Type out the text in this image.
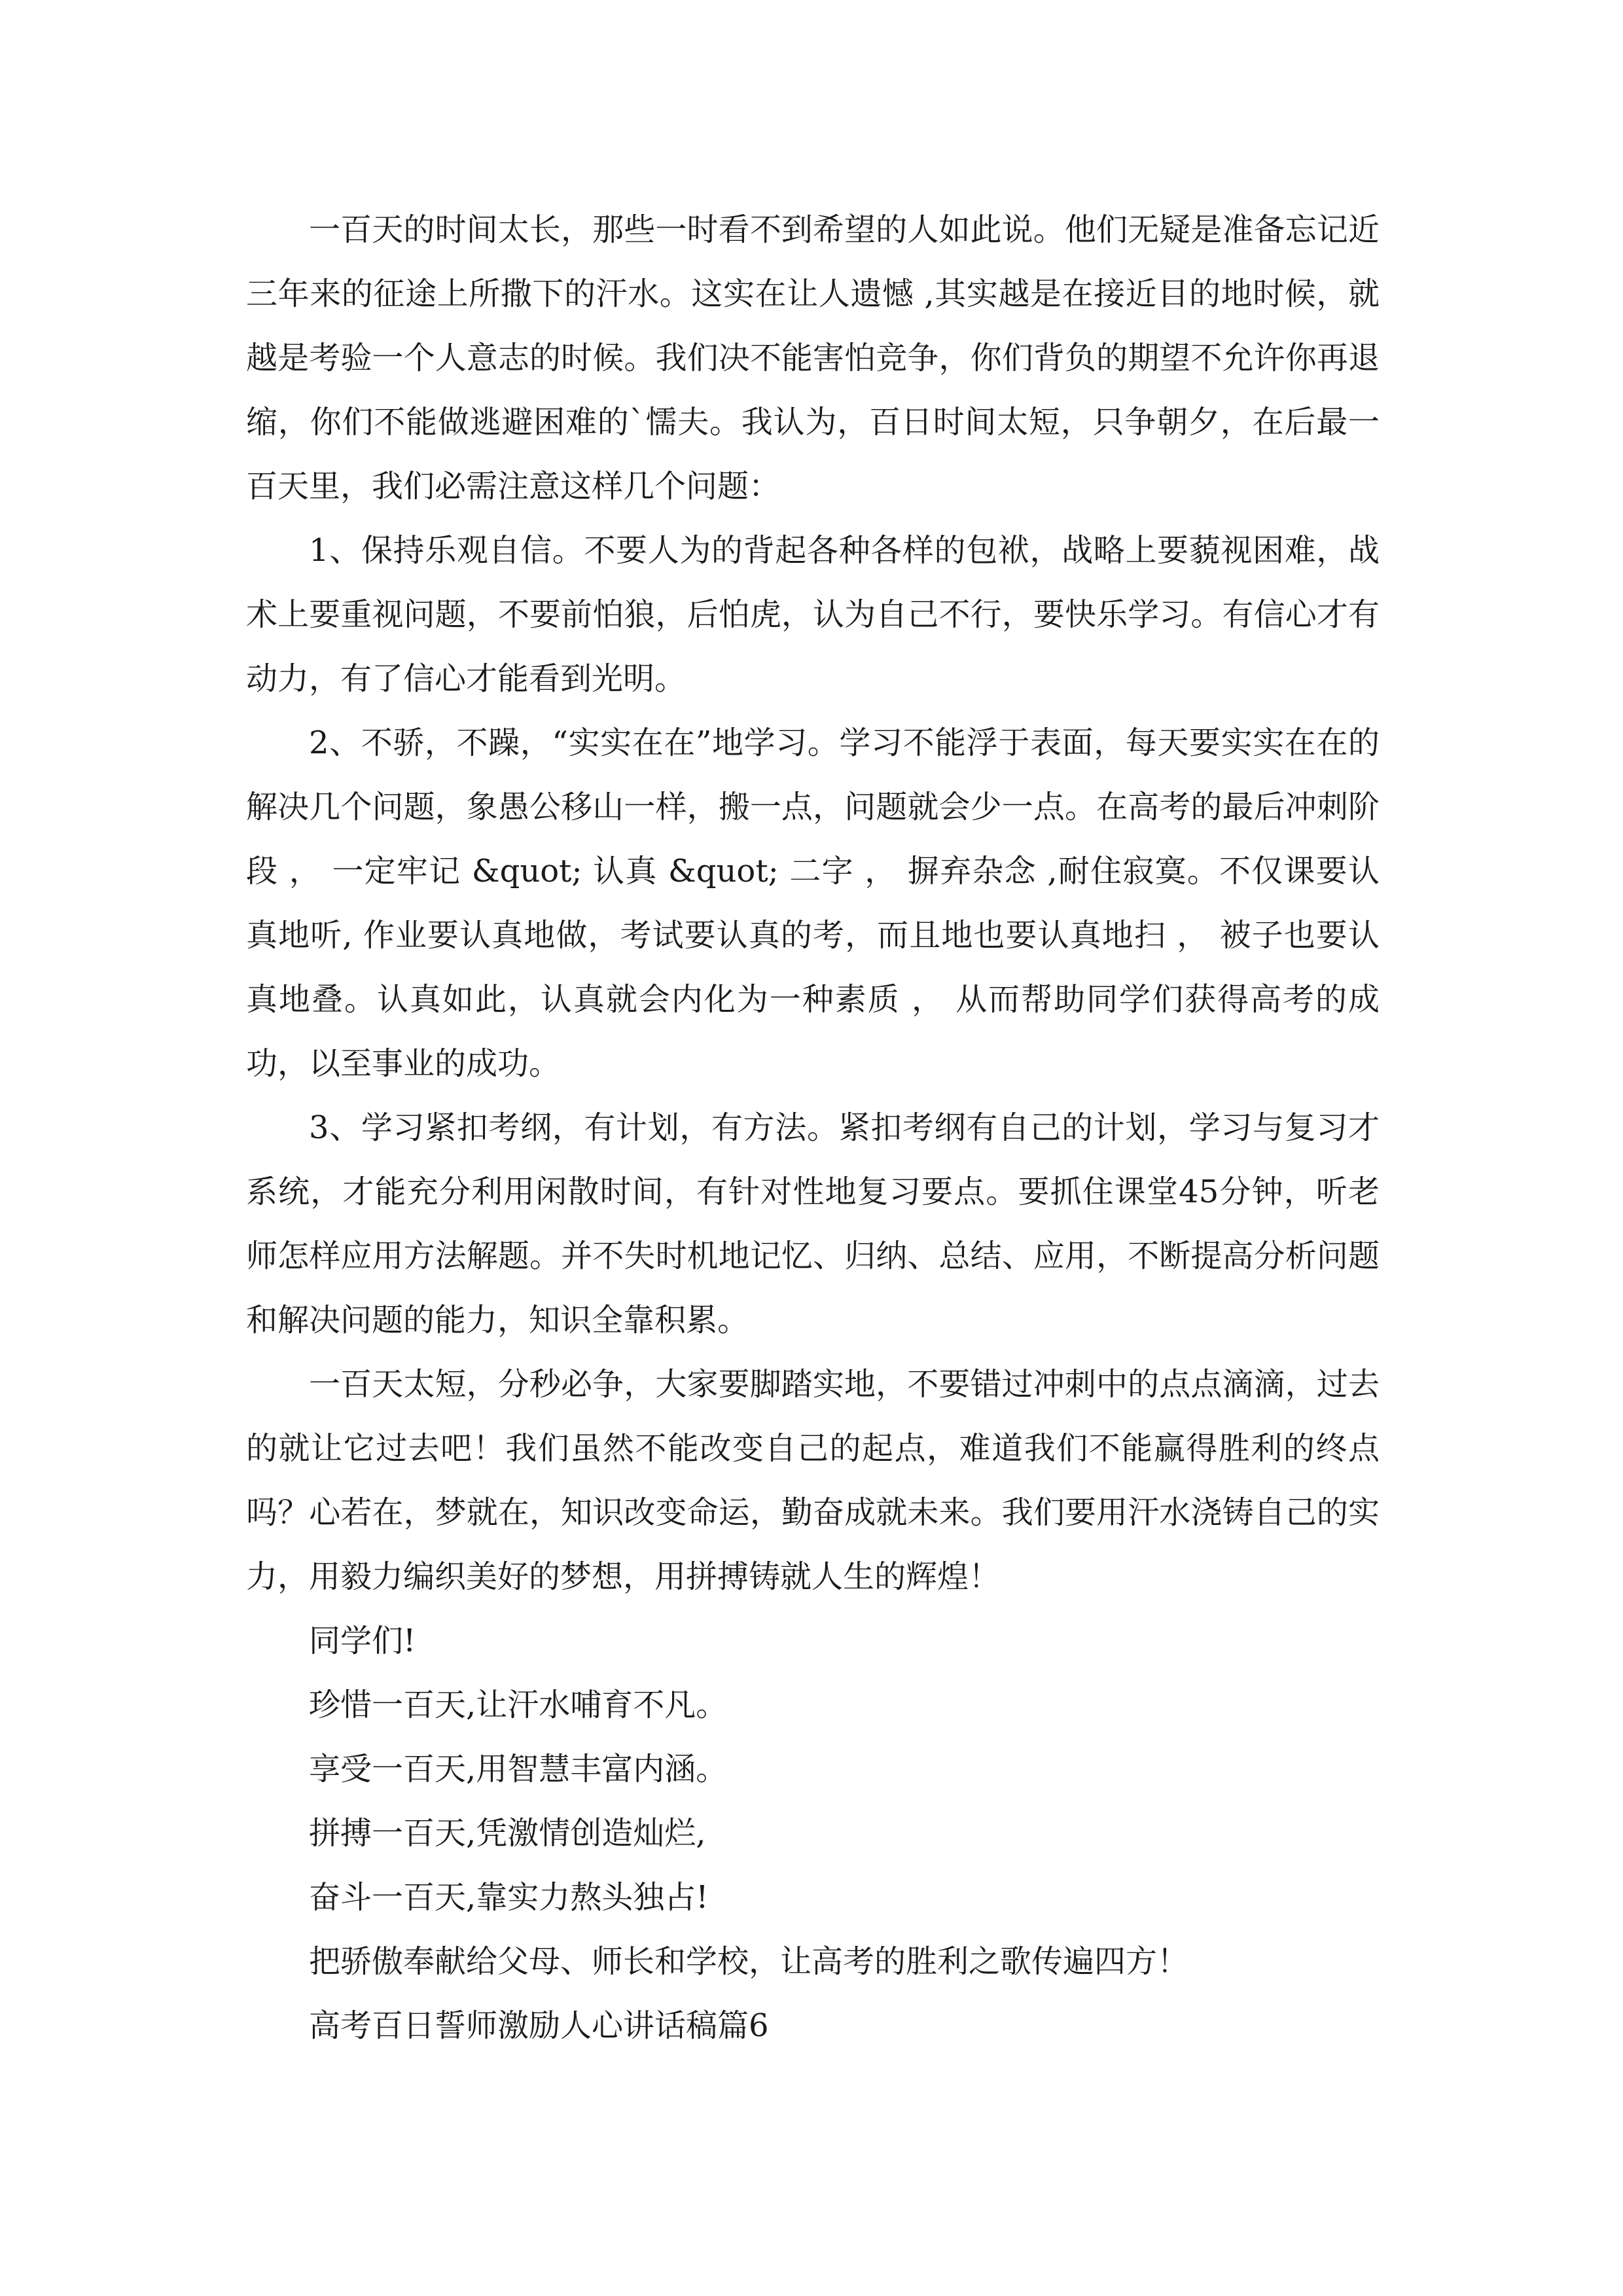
一百天的时间太长，那些一时看不到希望的人如此说。他们无疑是准备忘记近三年来的征途上所撒下的汗水。这实在让人遗憾 ,其实越是在接近目的地时候，就越是考验一个人意志的时候。我们决不能害怕竞争，你们背负的期望不允许你再退缩，你们不能做逃避困难的`懦夫。我认为，百日时间太短，只争朝夕，在后最一百天里，我们必需注意这样几个问题：

1、保持乐观自信。不要人为的背起各种各样的包袱，战略上要藐视困难，战术上要重视问题，不要前怕狼，后怕虎，认为自己不行，要快乐学习。有信心才有动力，有了信心才能看到光明。

2、不骄，不躁，“实实在在”地学习。学习不能浮于表面，每天要实实在在的解决几个问题，象愚公移山一样，搬一点，问题就会少一点。在高考的最后冲刺阶段 ， 一定牢记 &quot; 认真 &quot; 二字 ， 摒弃杂念 ,耐住寂寞。不仅课要认真地听, 作业要认真地做，考试要认真的考，而且地也要认真地扫 ， 被子也要认真地叠。认真如此，认真就会内化为一种素质 ， 从而帮助同学们获得高考的成功，以至事业的成功。

3、学习紧扣考纲，有计划，有方法。紧扣考纲有自己的计划，学习与复习才系统，才能充分利用闲散时间，有针对性地复习要点。要抓住课堂45分钟，听老师怎样应用方法解题。并不失时机地记忆、归纳、总结、应用，不断提高分析问题和解决问题的能力，知识全靠积累。

一百天太短，分秒必争，大家要脚踏实地，不要错过冲刺中的点点滴滴，过去的就让它过去吧！我们虽然不能改变自己的起点，难道我们不能赢得胜利的终点吗？心若在，梦就在，知识改变命运，勤奋成就未来。我们要用汗水浇铸自己的实力，用毅力编织美好的梦想，用拼搏铸就人生的辉煌！

同学们!

珍惜一百天,让汗水哺育不凡。

享受一百天,用智慧丰富内涵。

拼搏一百天,凭激情创造灿烂,

奋斗一百天,靠实力熬头独占!

把骄傲奉献给父母、师长和学校，让高考的胜利之歌传遍四方！

高考百日誓师激励人心讲话稿篇6
